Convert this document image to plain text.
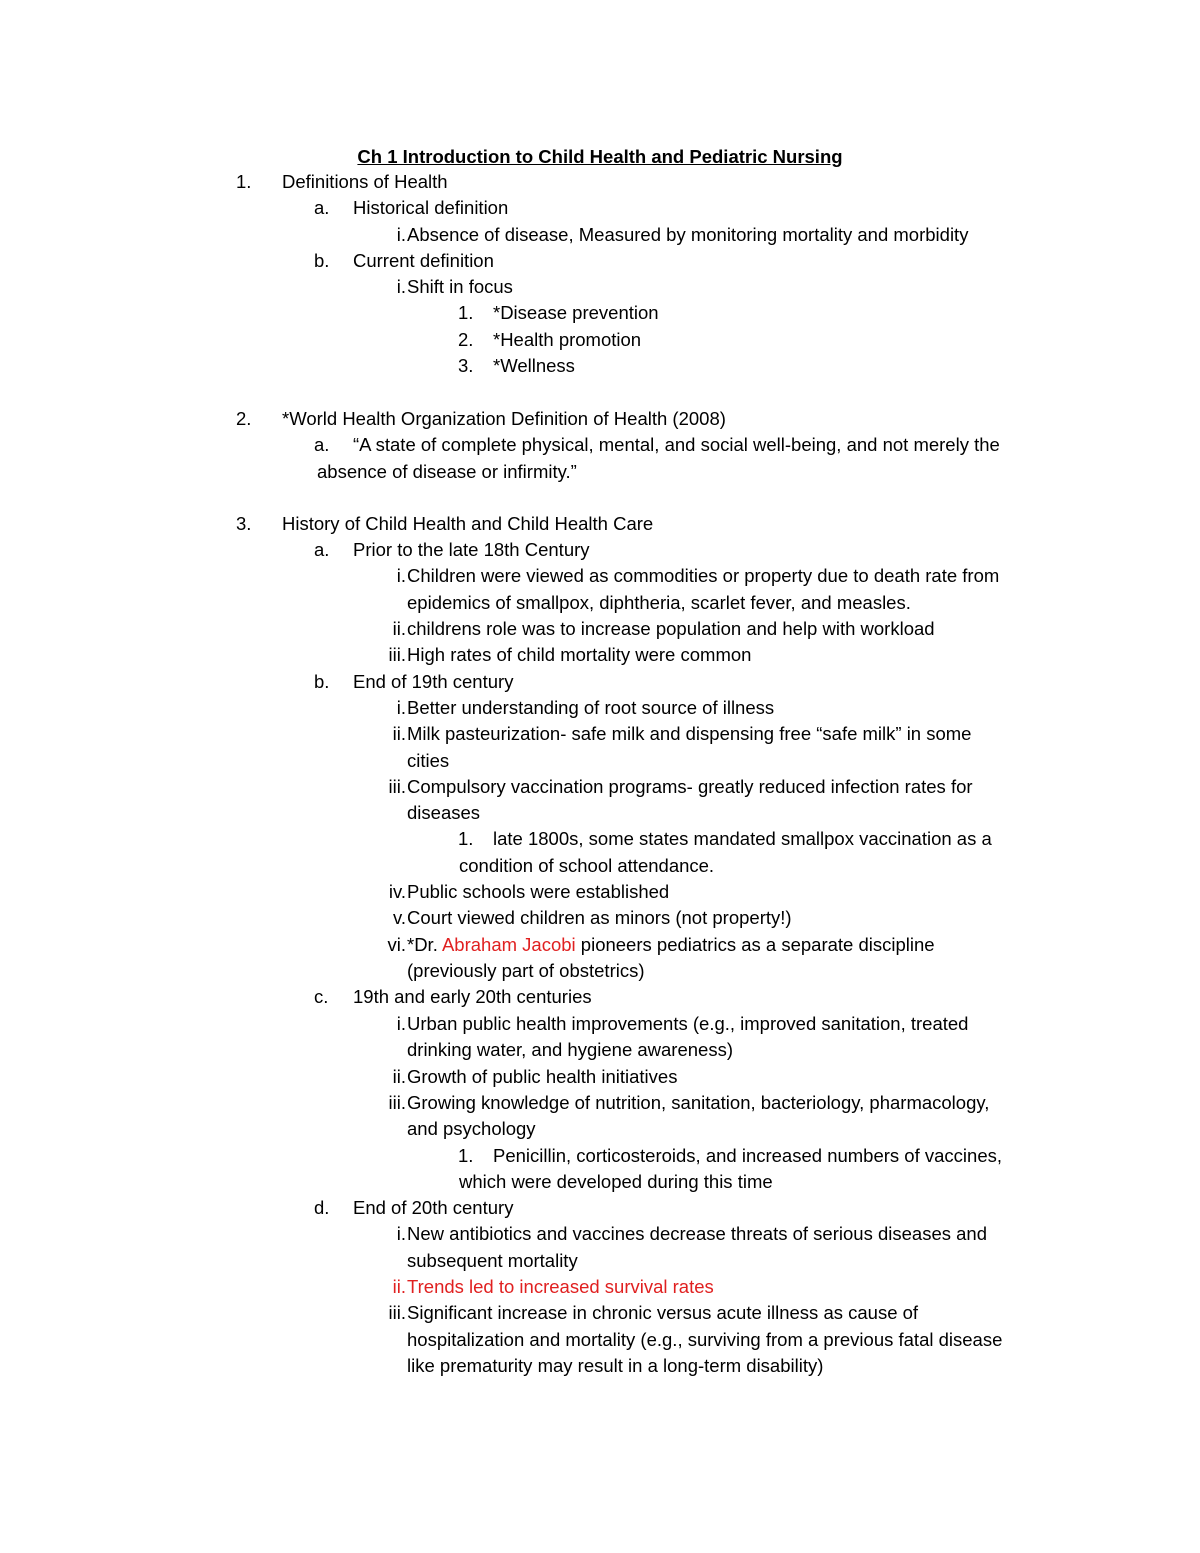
Ch 1 Introduction to Child Health and Pediatric Nursing
1. Definitions of Health
a. Historical definition
i. Absence of disease, Measured by monitoring mortality and morbidity
b. Current definition
i. Shift in focus
1. *Disease prevention
2. *Health promotion
3. *Wellness
2. *World Health Organization Definition of Health (2008)
a. “A state of complete physical, mental, and social well-being, and not merely the
absence of disease or infirmity.”
3. History of Child Health and Child Health Care
a. Prior to the late 18th Century
i. Children were viewed as commodities or property due to death rate from
epidemics of smallpox, diphtheria, scarlet fever, and measles.
ii. childrens role was to increase population and help with workload
iii. High rates of child mortality were common
b. End of 19th century
i. Better understanding of root source of illness
ii. Milk pasteurization- safe milk and dispensing free “safe milk” in some
cities
iii. Compulsory vaccination programs- greatly reduced infection rates for
diseases
1. late 1800s, some states mandated smallpox vaccination as a
condition of school attendance.
iv. Public schools were established
v. Court viewed children as minors (not property!)
vi. *Dr. Abraham Jacobi pioneers pediatrics as a separate discipline
(previously part of obstetrics)
c. 19th and early 20th centuries
i. Urban public health improvements (e.g., improved sanitation, treated
drinking water, and hygiene awareness)
ii. Growth of public health initiatives
iii. Growing knowledge of nutrition, sanitation, bacteriology, pharmacology,
and psychology
1. Penicillin, corticosteroids, and increased numbers of vaccines,
which were developed during this time
d. End of 20th century
i. New antibiotics and vaccines decrease threats of serious diseases and
subsequent mortality
ii. Trends led to increased survival rates
iii. Significant increase in chronic versus acute illness as cause of
hospitalization and mortality (e.g., surviving from a previous fatal disease
like prematurity may result in a long-term disability)
